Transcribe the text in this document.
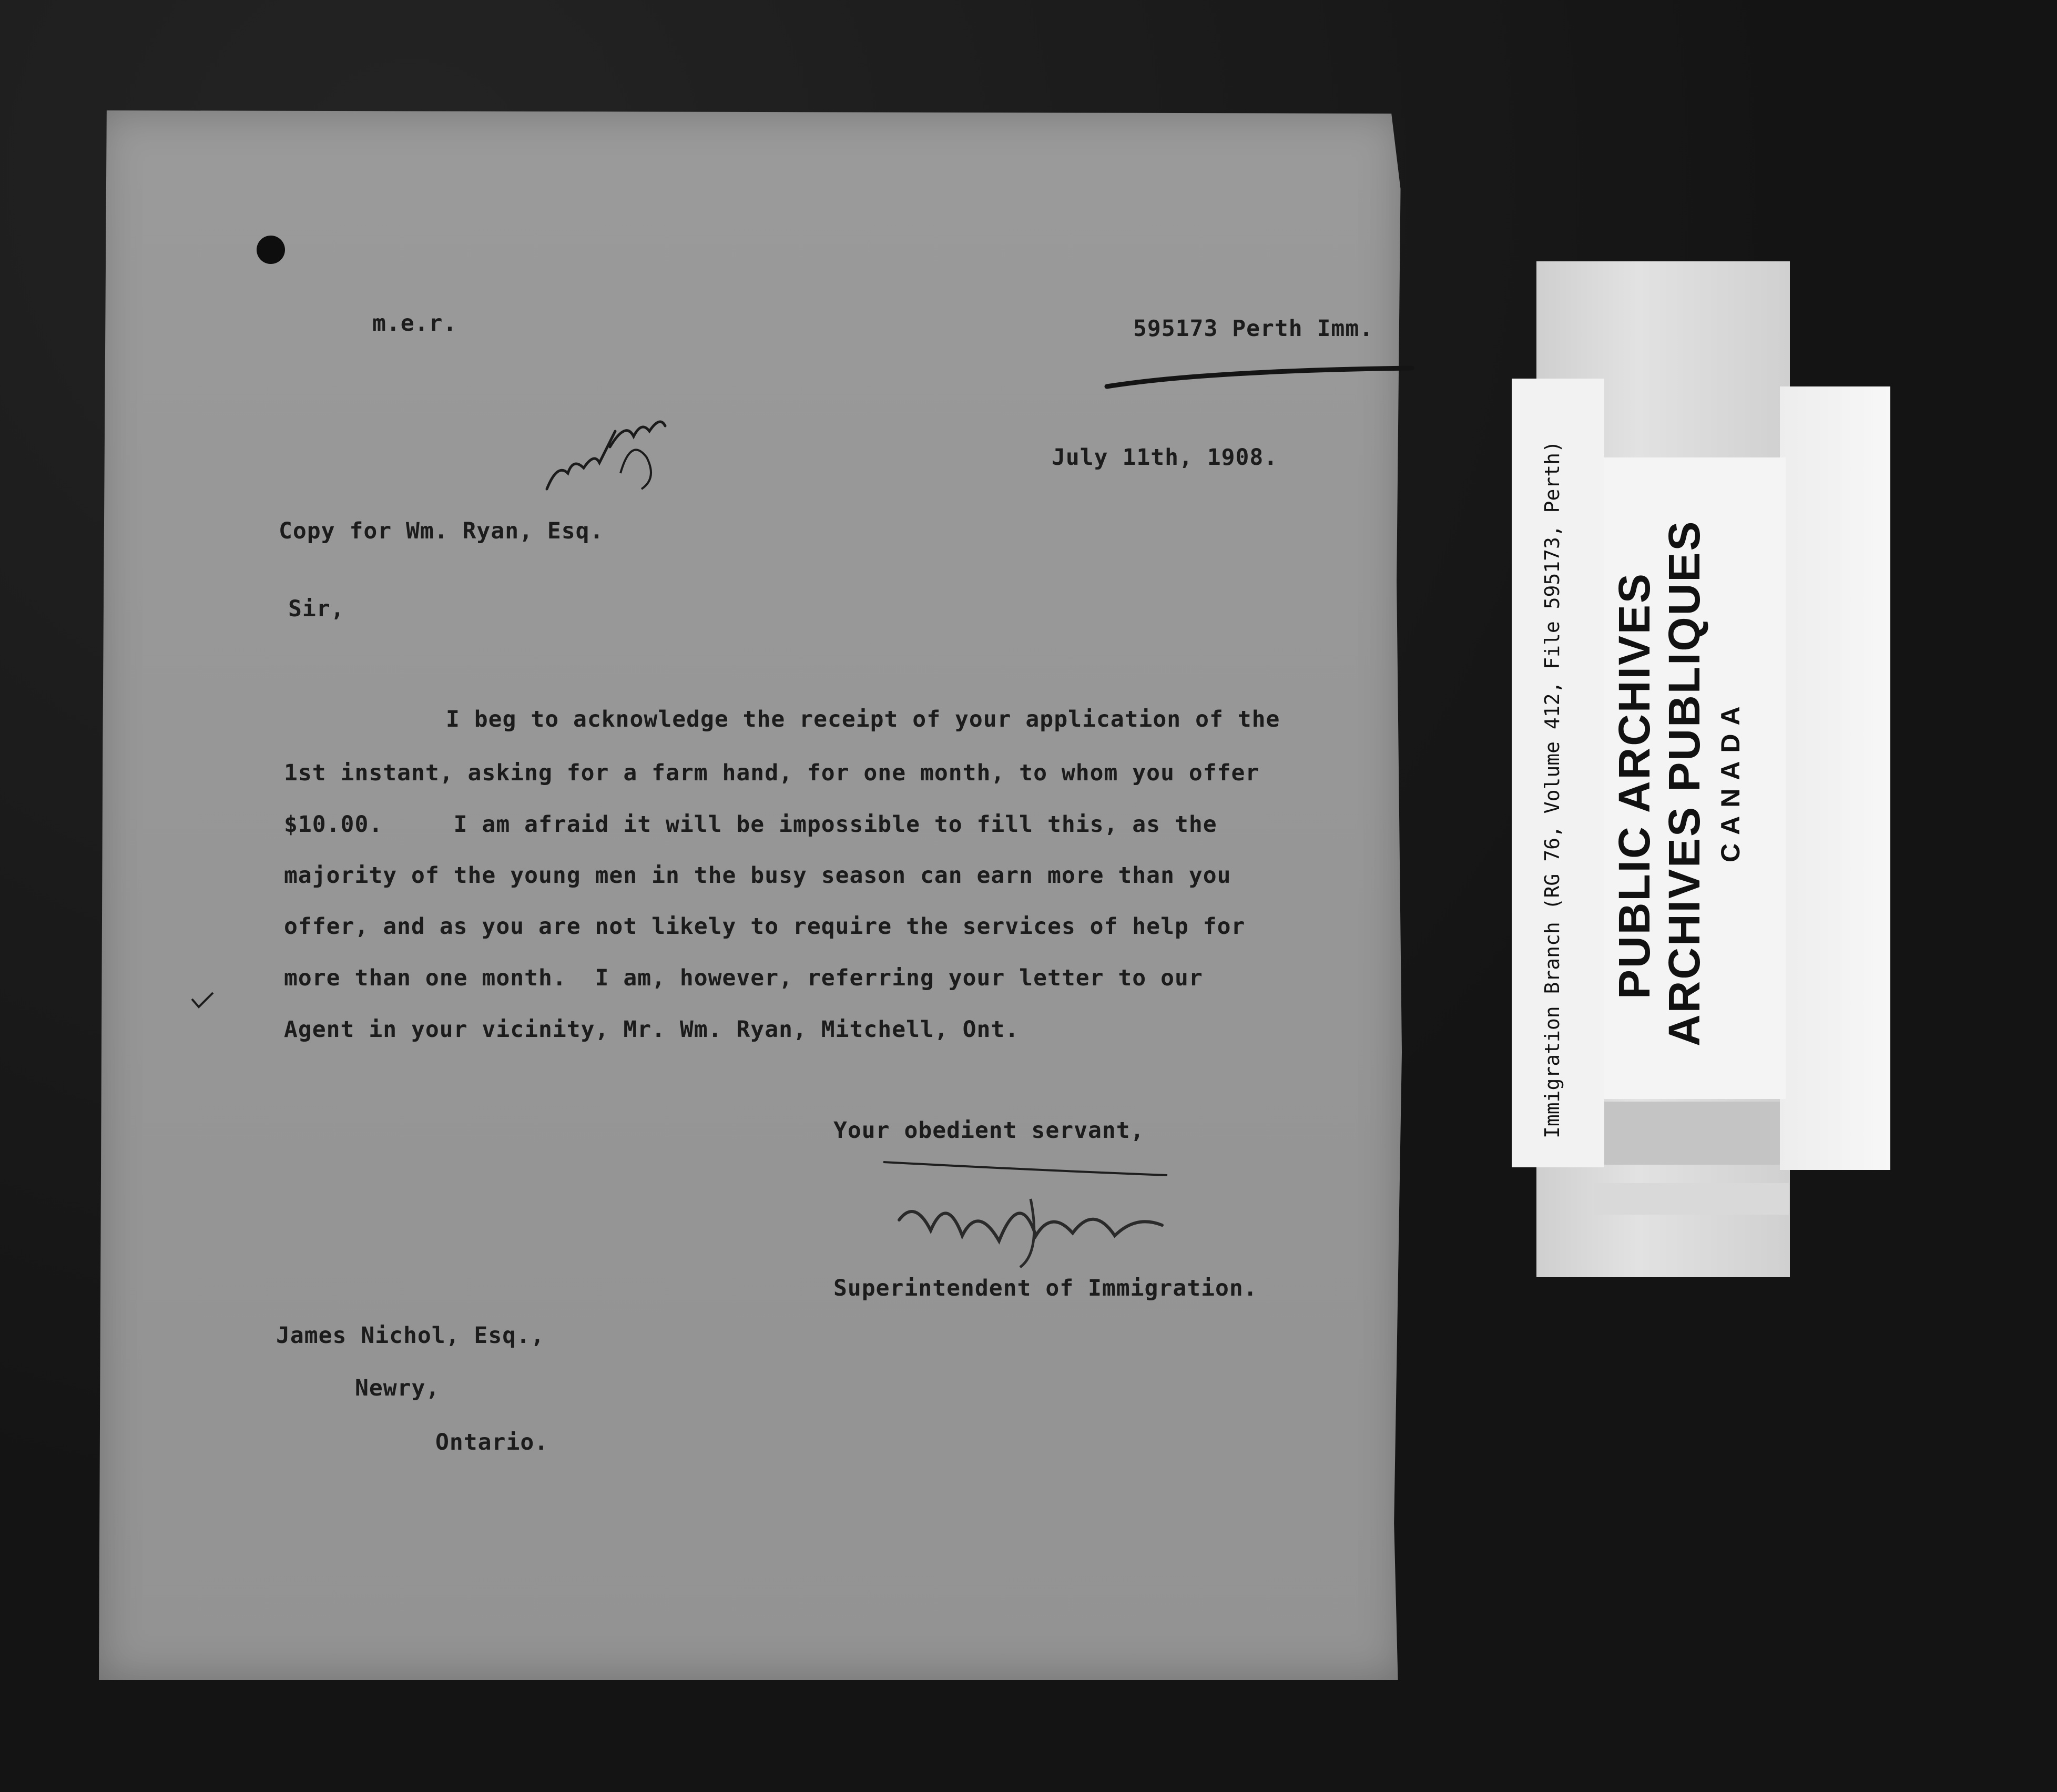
m.e.r.	595173 Perth Imm.
July 11th, 1908.
Copy for Wm. Ryan, Esq.
Sir,
I beg to acknowledge the receipt of your application of the
1st instant, asking for a farm hand, for one month, to whom you offer
$10.00.     I am afraid it will be impossible to fill this, as the
majority of the young men in the busy season can earn more than you
offer, and as you are not likely to require the services of help for
more than one month.  I am, however, referring your letter to our
Agent in your vicinity, Mr. Wm. Ryan, Mitchell, Ont.
Your obedient servant,
Superintendent of Immigration.
James Nichol, Esq.,
Newry,
Ontario.
Immigration Branch (RG 76, Volume 412, File 595173, Perth) PUBLIC ARCHIVES ARCHIVES PUBLIQUES CANADA
